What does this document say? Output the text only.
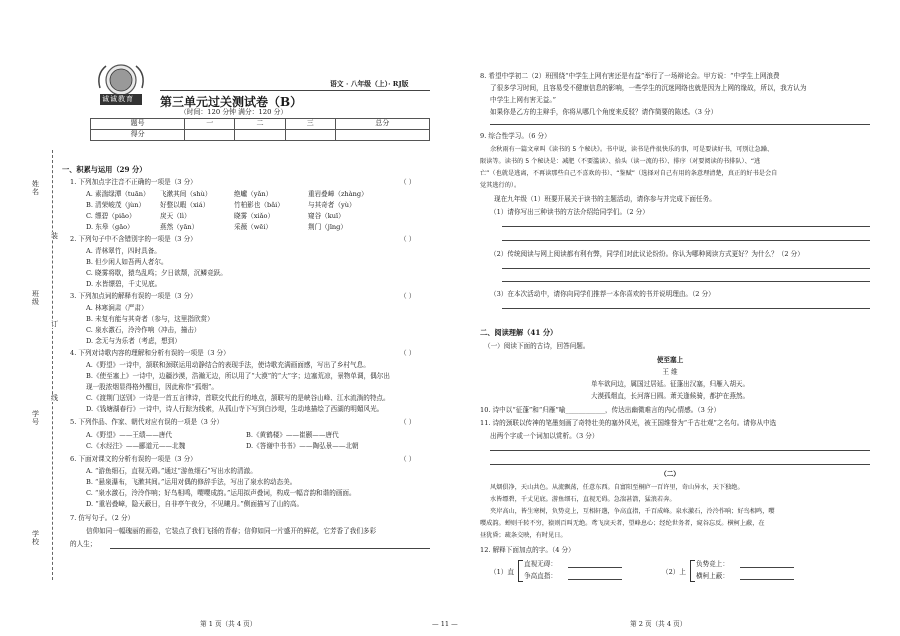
诚诚教育
语文 · 八年级（上）· RJ版
第三单元过关测试卷（B）
（时间：120 分钟 满分：120 分）
题号	一	二	三	总分
得分				
姓名
装
班级
订
线
学号
学校
一、积累与运用（29 分）
1. 下列加点字注音不正确的一项是（3 分）	（ ）
A. 素湍绿潭（tuān） 飞漱其间（shù）	绝巘（yǎn）	重岩叠嶂（zhàng）
B. 清荣峻茂（jùn） 好整以暇（xiá）	竹柏影也（bǎi）	与其奇者（yù）
C. 缥碧（piāo）	戾天（lì）	晓雾（xiǎo）	窥谷（kuī）
D. 东皋（gāo）	燕然（yān）	采薇（wēi）	荆门（jīng）
2. 下列句子中不含错别字的一项是（3 分）	（ ）
A. 青林翠竹，四时具备。
B. 但少闲人如吾两人者尔。
C. 晓雾将歇，猿鸟乱鸣；夕日欲颓，沉鳞竞跃。
D. 水皆缥碧，千丈见底。
3. 下列加点词的解释有误的一项是（3 分）	（ ）
A. 林寒涧肃（严肃）
B. 未复有能与其奇者（参与，这里指欣赏）
C. 泉水激石，泠泠作响（冲击，撞击）
D. 念无与为乐者（考虑，想到）
4. 下列对诗歌内容的理解和分析有误的一项是（3 分）	（ ）
A.《野望》一诗中，颔联和颈联运用动静结合的表现手法，使诗歌充满画面感，写出了乡村气息。
B.《使至塞上》一诗中，边疆沙漠，浩瀚无边，所以用了“大漠”的“大”字；边塞荒凉，景物单调，偶尔出
现一股浓烟显得格外醒目，因此称作“孤烟”。
C.《渡荆门送别》一诗是一首五言律诗，首联交代此行的地点，颔联写的是峡谷山峰、江水流淌的特点。
D.《钱塘湖春行》一诗中，诗人行踪为线索，从孤山寺下写到白沙堤，生动地描绘了西湖的明媚风光。
5. 下列作品、作家、朝代对应有误的一项是（3 分）	（ ）
A.《野望》——王绩——唐代	B.《黄鹤楼》——崔颢——唐代
C.《水经注》——郦道元——北魏	D.《答谢中书书》——陶弘景——北朝
6. 下面对课文的分析有误的一项是（3 分）	（ ）
A. “游鱼细石，直视无碍。”通过“游鱼细石”写出水的清澈。
B. “悬泉瀑布，飞漱其间。”运用对偶的修辞手法，写出了泉水的动态美。
C. “泉水激石，泠泠作响；好鸟相鸣，嘤嘤成韵。”运用拟声叠词，构成一幅音韵和谐的画面。
D. “重岩叠嶂，隐天蔽日，自非亭午夜分，不见曦月。”侧面描写了山的高。
7. 仿写句子。（2 分）
信仰如同一幅瑰丽的画卷，它装点了我们飞扬的青春；信仰如同一片盛开的鲜花，它芳香了我们多彩
的人生；
第 1 页（共 4 页）	— 11 —
8. 希望中学初二（2）班围绕“中学生上网有害还是有益”举行了一场辩论会。甲方说：“中学生上网浪费
了很多学习时间，且容易受不健康信息的影响，一些学生的沉迷网络也就是因为上网的缘故，所以，我方认为
中学生上网有害无益。”
如果你是乙方的主辩手，你将从哪几个角度来反驳？请作简要的陈述。（3 分）
9. 综合性学习。（6 分）
余秋雨有一篇文章叫《读书的 5 个秘诀》。书中说，读书是件很快乐的事，可是要读好书，可别让急躁、
限读等。读书的 5 个秘诀是：减肥（不要滥读）、拾头（读一流的书）、排序（对要阅读的书排队）、“逃
亡”（也就是逃离，不再读那些自己不喜欢的书）、“鉴赋”（选择对自己有用的条意理清楚，真正的好书是会自
觉其逃行的）。
现在九年级（1）班要开展关于读书的主题活动，请你参与并完成下面任务。
（1）请你写出三种读书的方法介绍给同学们。（2 分）
（2）传统阅读与网上阅读都有利有弊，同学们对此议论纷纷。你认为哪种阅读方式更好？为什么？（2 分）
（3）在本次活动中，请你向同学们推荐一本你喜欢的书并说明理由。（2 分）
二、阅读理解（41 分）
（一）阅读下面的古诗，回答问题。
使至塞上
王 维
单车欲问边，属国过居延。征蓬出汉塞，归雁入胡天。
大漠孤烟直，长河落日圆。萧关逢候骑，都护在燕然。
10. 诗中以“征蓬”和“归雁”喻____________，传达出幽微难言的内心情感。（3 分）
11. 诗的颈联以传神的笔墨刻画了奇特壮美的塞外风光，被王国维誉为“千古壮观”之名句。请你从中选
出两个字或一个词加以赏析。（3 分）
（二）
风烟俱净，天山共色。从流飘荡，任意东西。自富阳至桐庐一百许里，奇山异水，天下独绝。
水皆缥碧，千丈见底。游鱼细石，直视无碍。急湍甚箭，猛浪若奔。
夹岸高山，皆生寒树，负势竞上，互相轩邈，争高直指，千百成峰。泉水激石，泠泠作响；好鸟相鸣，嘤
嘤成韵。蝉则千转不穷，猿则百叫无绝。鸢飞戾天者，望峰息心；经纶世务者，窥谷忘反。横柯上蔽，在
昼犹昏；疏条交映，有时见日。
12. 解释下面加点的字。（4 分）
（1）直
直视无碍：
争高直指：	（2）上
负势竞上：
横柯上蔽：
第 2 页（共 4 页）
